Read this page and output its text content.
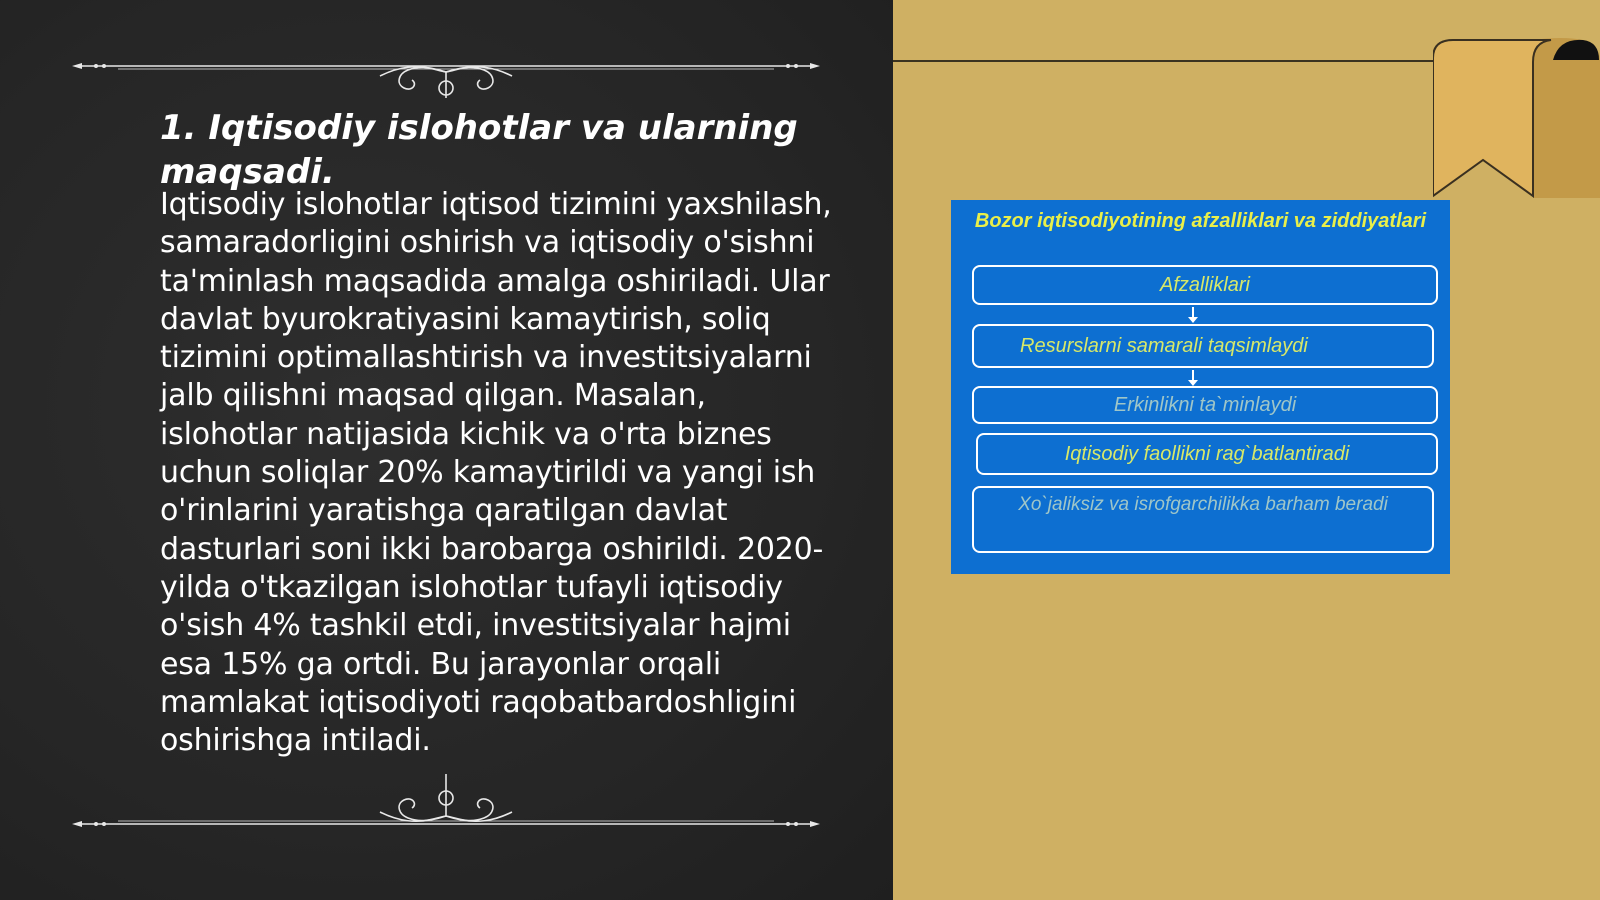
1. Iqtisodiy islohotlar va ularning maqsadi.

Iqtisodiy islohotlar iqtisod tizimini yaxshilash, samaradorligini oshirish va iqtisodiy o'sishni ta'minlash maqsadida amalga oshiriladi. Ular davlat byurokratiyasini kamaytirish, soliq tizimini optimallashtirish va investitsiyalarni jalb qilishni maqsad qilgan. Masalan, islohotlar natijasida kichik va o'rta biznes uchun soliqlar 20% kamaytirildi va yangi ish o'rinlarini yaratishga qaratilgan davlat dasturlari soni ikki barobarga oshirildi. 2020-yilda o'tkazilgan islohotlar tufayli iqtisodiy o'sish 4% tashkil etdi, investitsiyalar hajmi esa 15% ga ortdi. Bu jarayonlar orqali mamlakat iqtisodiyoti raqobatbardoshligini oshirishga intiladi.

Bozor iqtisodiyotining afzalliklari va ziddiyatlari
Afzalliklari
Resurslarni samarali taqsimlaydi
Erkinlikni ta`minlaydi
Iqtisodiy faollikni rag`batlantiradi
Xo`jaliksiz va isrofgarchilikka barham beradi
